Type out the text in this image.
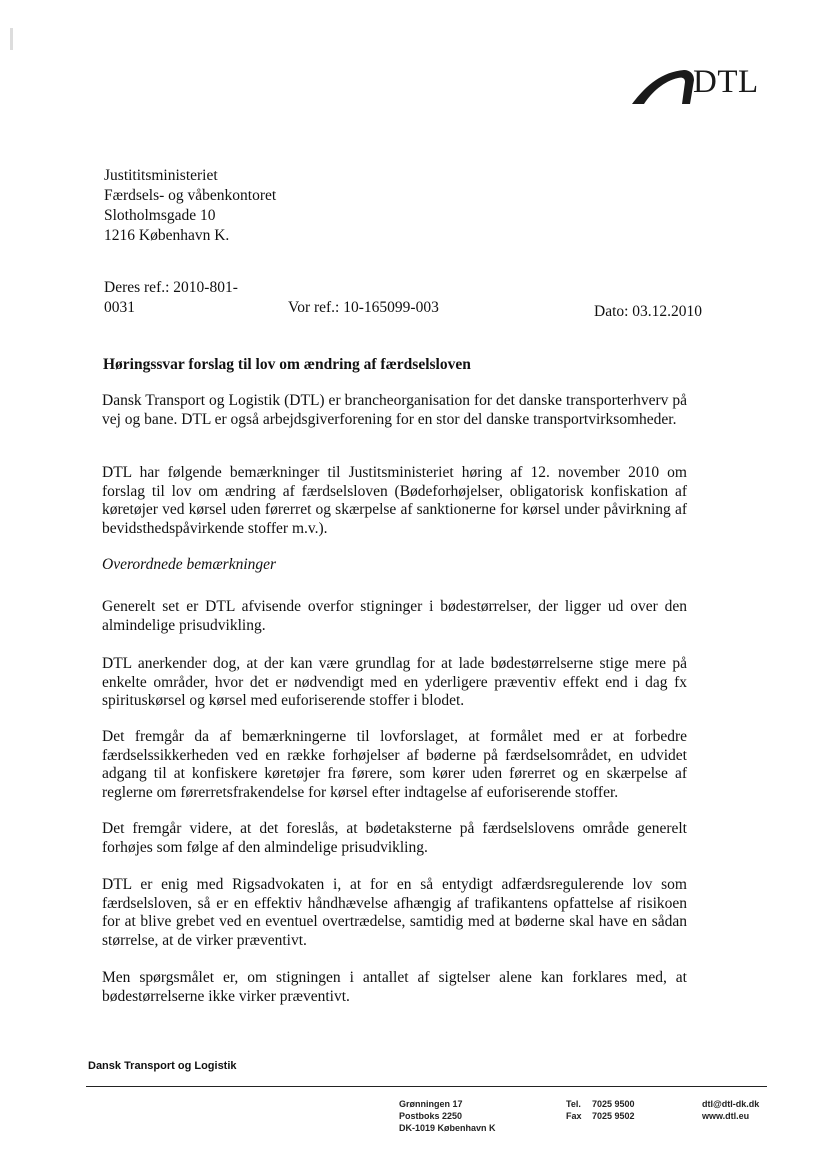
DTL
Justititsministeriet
Færdsels- og våbenkontoret
Slotholmsgade 10
1216 København K.
Deres ref.: 2010-801-
0031	Vor ref.: 10-165099-003	Dato: 03.12.2010
Høringssvar forslag til lov om ændring af færdselsloven
Dansk Transport og Logistik (DTL) er brancheorganisation for det danske transporterhverv på vej og bane. DTL er også arbejdsgiverforening for en stor del danske transportvirksomheder.
DTL har følgende bemærkninger til Justitsministeriet høring af 12. november 2010 om forslag til lov om ændring af færdselsloven (Bødeforhøjelser, obligatorisk konfiskation af køretøjer ved kørsel uden førerret og skærpelse af sanktionerne for kørsel under påvirkning af bevidsthedspåvirkende stoffer m.v.).
Overordnede bemærkninger
Generelt set er DTL afvisende overfor stigninger i bødestørrelser, der ligger ud over den almindelige prisudvikling.
DTL anerkender dog, at der kan være grundlag for at lade bødestørrelserne stige mere på enkelte områder, hvor det er nødvendigt med en yderligere præventiv effekt end i dag fx spirituskørsel og kørsel med euforiserende stoffer i blodet.
Det fremgår da af bemærkningerne til lovforslaget, at formålet med er at forbedre færdselssikkerheden ved en række forhøjelser af bøderne på færdselsområdet, en udvidet adgang til at konfiskere køretøjer fra førere, som kører uden førerret og en skærpelse af reglerne om førerretsfrakendelse for kørsel efter indtagelse af euforiserende stoffer.
Det fremgår videre, at det foreslås, at bødetaksterne på færdselslovens område generelt forhøjes som følge af den almindelige prisudvikling.
DTL er enig med Rigsadvokaten i, at for en så entydigt adfærdsregulerende lov som færdselsloven, så er en effektiv håndhævelse afhængig af trafikantens opfattelse af risikoen for at blive grebet ved en eventuel overtrædelse, samtidig med at bøderne skal have en sådan størrelse, at de virker præventivt.
Men spørgsmålet er, om stigningen i antallet af sigtelser alene kan forklares med, at bødestørrelserne ikke virker præventivt.
Dansk Transport og Logistik
Grønningen 17
Postboks 2250
DK-1019 København K
Tel.
Fax
7025 9500
7025 9502
dtl@dtl-dk.dk
www.dtl.eu
